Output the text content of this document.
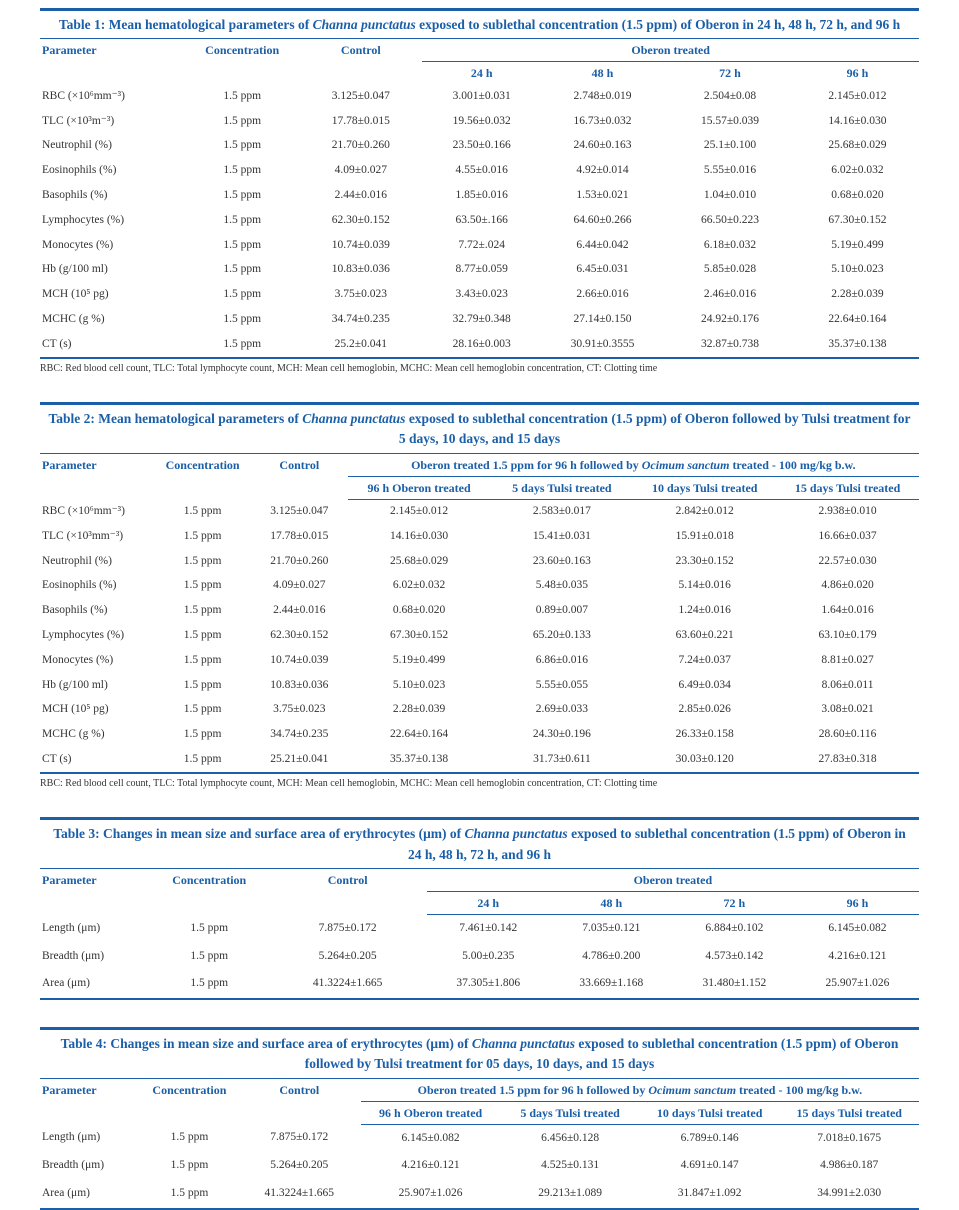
Table 1: Mean hematological parameters of Channa punctatus exposed to sublethal concentration (1.5 ppm) of Oberon in 24 h, 48 h, 72 h, and 96 h
Parameter	Concentration	Control	Oberon treated			
			24 h	48 h	72 h	96 h
RBC (×10⁶mm⁻³)	1.5 ppm	3.125±0.047	3.001±0.031	2.748±0.019	2.504±0.08	2.145±0.012
TLC (×10³m⁻³)	1.5 ppm	17.78±0.015	19.56±0.032	16.73±0.032	15.57±0.039	14.16±0.030
Neutrophil (%)	1.5 ppm	21.70±0.260	23.50±0.166	24.60±0.163	25.1±0.100	25.68±0.029
Eosinophils (%)	1.5 ppm	4.09±0.027	4.55±0.016	4.92±0.014	5.55±0.016	6.02±0.032
Basophils (%)	1.5 ppm	2.44±0.016	1.85±0.016	1.53±0.021	1.04±0.010	0.68±0.020
Lymphocytes (%)	1.5 ppm	62.30±0.152	63.50±.166	64.60±0.266	66.50±0.223	67.30±0.152
Monocytes (%)	1.5 ppm	10.74±0.039	7.72±.024	6.44±0.042	6.18±0.032	5.19±0.499
Hb (g/100 ml)	1.5 ppm	10.83±0.036	8.77±0.059	6.45±0.031	5.85±0.028	5.10±0.023
MCH (10⁵ pg)	1.5 ppm	3.75±0.023	3.43±0.023	2.66±0.016	2.46±0.016	2.28±0.039
MCHC (g %)	1.5 ppm	34.74±0.235	32.79±0.348	27.14±0.150	24.92±0.176	22.64±0.164
CT (s)	1.5 ppm	25.2±0.041	28.16±0.003	30.91±0.3555	32.87±0.738	35.37±0.138
RBC: Red blood cell count, TLC: Total lymphocyte count, MCH: Mean cell hemoglobin, MCHC: Mean cell hemoglobin concentration, CT: Clotting time
Table 2: Mean hematological parameters of Channa punctatus exposed to sublethal concentration (1.5 ppm) of Oberon followed by Tulsi treatment for 5 days, 10 days, and 15 days
Parameter	Concentration	Control	Oberon treated 1.5 ppm for 96 h followed by Ocimum sanctum treated - 100 mg/kg b.w.			
			96 h Oberon treated	5 days Tulsi treated	10 days Tulsi treated	15 days Tulsi treated
RBC (×10⁶mm⁻³)	1.5 ppm	3.125±0.047	2.145±0.012	2.583±0.017	2.842±0.012	2.938±0.010
TLC (×10³mm⁻³)	1.5 ppm	17.78±0.015	14.16±0.030	15.41±0.031	15.91±0.018	16.66±0.037
Neutrophil (%)	1.5 ppm	21.70±0.260	25.68±0.029	23.60±0.163	23.30±0.152	22.57±0.030
Eosinophils (%)	1.5 ppm	4.09±0.027	6.02±0.032	5.48±0.035	5.14±0.016	4.86±0.020
Basophils (%)	1.5 ppm	2.44±0.016	0.68±0.020	0.89±0.007	1.24±0.016	1.64±0.016
Lymphocytes (%)	1.5 ppm	62.30±0.152	67.30±0.152	65.20±0.133	63.60±0.221	63.10±0.179
Monocytes (%)	1.5 ppm	10.74±0.039	5.19±0.499	6.86±0.016	7.24±0.037	8.81±0.027
Hb (g/100 ml)	1.5 ppm	10.83±0.036	5.10±0.023	5.55±0.055	6.49±0.034	8.06±0.011
MCH (10⁵ pg)	1.5 ppm	3.75±0.023	2.28±0.039	2.69±0.033	2.85±0.026	3.08±0.021
MCHC (g %)	1.5 ppm	34.74±0.235	22.64±0.164	24.30±0.196	26.33±0.158	28.60±0.116
CT (s)	1.5 ppm	25.21±0.041	35.37±0.138	31.73±0.611	30.03±0.120	27.83±0.318
RBC: Red blood cell count, TLC: Total lymphocyte count, MCH: Mean cell hemoglobin, MCHC: Mean cell hemoglobin concentration, CT: Clotting time
Table 3: Changes in mean size and surface area of erythrocytes (μm) of Channa punctatus exposed to sublethal concentration (1.5 ppm) of Oberon in 24 h, 48 h, 72 h, and 96 h
Parameter	Concentration	Control	Oberon treated			
			24 h	48 h	72 h	96 h
Length (μm)	1.5 ppm	7.875±0.172	7.461±0.142	7.035±0.121	6.884±0.102	6.145±0.082
Breadth (μm)	1.5 ppm	5.264±0.205	5.00±0.235	4.786±0.200	4.573±0.142	4.216±0.121
Area (μm)	1.5 ppm	41.3224±1.665	37.305±1.806	33.669±1.168	31.480±1.152	25.907±1.026
Table 4: Changes in mean size and surface area of erythrocytes (μm) of Channa punctatus exposed to sublethal concentration (1.5 ppm) of Oberon followed by Tulsi treatment for 05 days, 10 days, and 15 days
Parameter	Concentration	Control	Oberon treated 1.5 ppm for 96 h followed by Ocimum sanctum treated - 100 mg/kg b.w.			
			96 h Oberon treated	5 days Tulsi treated	10 days Tulsi treated	15 days Tulsi treated
Length (μm)	1.5 ppm	7.875±0.172	6.145±0.082	6.456±0.128	6.789±0.146	7.018±0.1675
Breadth (μm)	1.5 ppm	5.264±0.205	4.216±0.121	4.525±0.131	4.691±0.147	4.986±0.187
Area (μm)	1.5 ppm	41.3224±1.665	25.907±1.026	29.213±1.089	31.847±1.092	34.991±2.030
